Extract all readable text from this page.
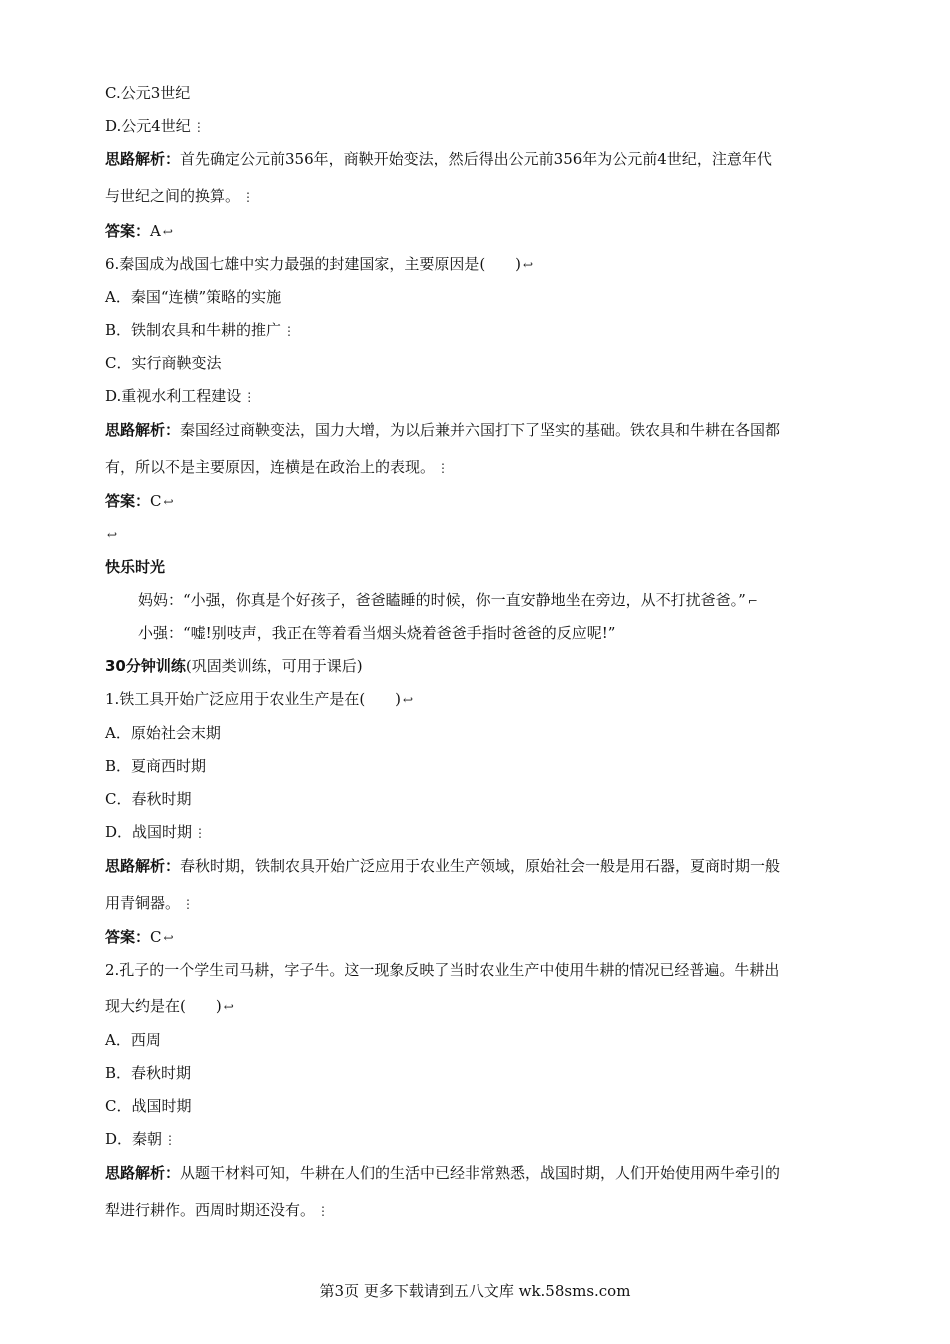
C.公元3世纪
D.公元4世纪 ⋮
思路解析：首先确定公元前356年，商鞅开始变法，然后得出公元前356年为公元前4世纪，注意年代
与世纪之间的换算。 ⋮
答案：A ↩
6.秦国成为战国七雄中实力最强的封建国家，主要原因是(　　) ↩
A．秦国“连横”策略的实施
B．铁制农具和牛耕的推广 ⋮
C．实行商鞅变法
D.重视水利工程建设 ⋮
思路解析：秦国经过商鞅变法，国力大增，为以后兼并六国打下了坚实的基础。铁农具和牛耕在各国都
有，所以不是主要原因，连横是在政治上的表现。 ⋮
答案：C ↩
↩
快乐时光
妈妈：“小强，你真是个好孩子，爸爸瞌睡的时候，你一直安静地坐在旁边，从不打扰爸爸。” ⌐
小强：“嘘!别吱声，我正在等着看当烟头烧着爸爸手指时爸爸的反应呢!”
30分钟训练(巩固类训练，可用于课后)
1.铁工具开始广泛应用于农业生产是在(　　) ↩
A．原始社会末期
B．夏商西时期
C．春秋时期
D．战国时期 ⋮
思路解析：春秋时期，铁制农具开始广泛应用于农业生产领域，原始社会一般是用石器，夏商时期一般
用青铜器。 ⋮
答案：C ↩
2.孔子的一个学生司马耕，字子牛。这一现象反映了当时农业生产中使用牛耕的情况已经普遍。牛耕出
现大约是在(　　) ↩
A．西周
B．春秋时期
C．战国时期
D．秦朝 ⋮
思路解析：从题干材料可知，牛耕在人们的生活中已经非常熟悉，战国时期，人们开始使用两牛牵引的
犁进行耕作。西周时期还没有。 ⋮
第3页 更多下载请到五八文库 wk.58sms.com
